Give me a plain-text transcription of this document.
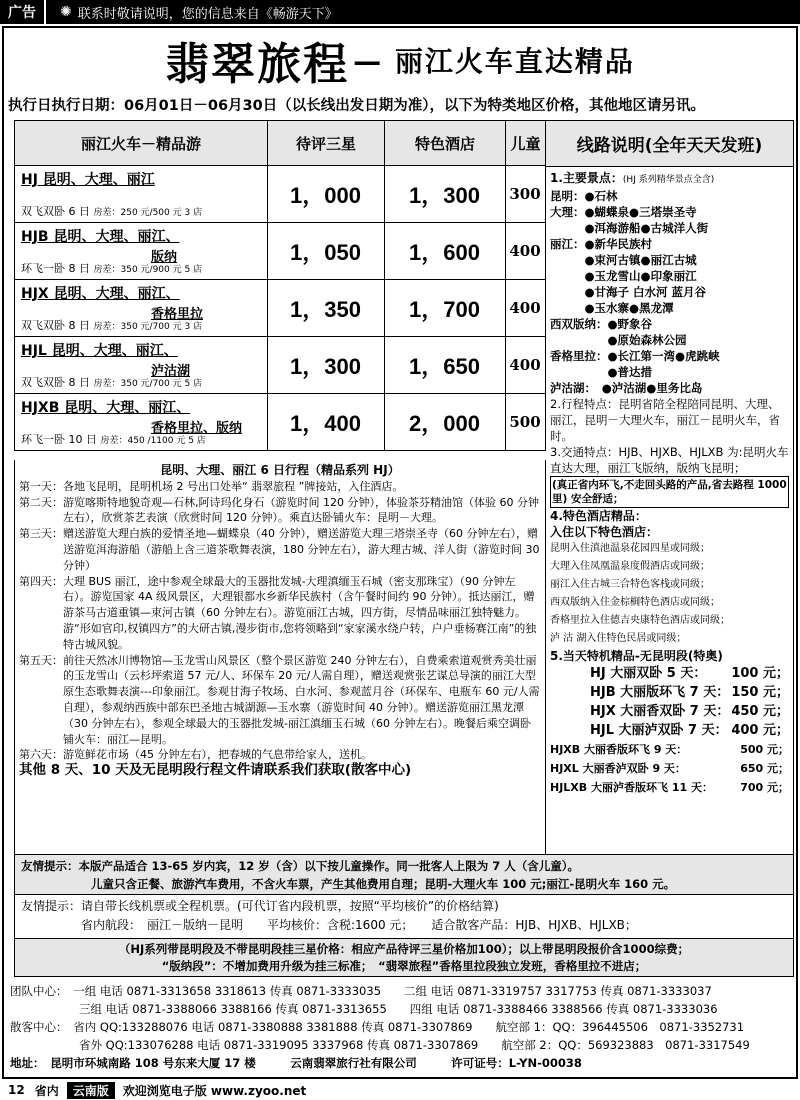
广告	✺ 联系时敬请说明，您的信息来自《畅游天下》
翡翠旅程 — 丽江火车直达精品
执行日执行日期：06月01日－06月30日（以长线出发日期为准），以下为特类地区价格，其他地区请另讯。
丽江火车－精品游	待评三星	特色酒店	儿童
HJ 昆明、大理、丽江
双飞双卧 6 日 房差：250 元/500 元 3 店
1，000	1，300	300
HJB 昆明、大理、丽江、
版纳
环飞一卧 8 日 房差：350 元/900 元 5 店
1，050	1，600	400
HJX 昆明、大理、丽江、
香格里拉
双飞双卧 8 日 房差：350 元/700 元 3 店
1，350	1，700	400
HJL 昆明、大理、丽江、
泸沽湖
双飞双卧 8 日 房差：350 元/700 元 5 店
1，300	1，650	400
HJXB 昆明、大理、丽江、
香格里拉、版纳
环飞一卧 10 日 房差：450 /1100 元 5 店
1，400	2，000	500
昆明、大理、丽江 6 日行程（精品系列 HJ）
第一天： 各地飞昆明，昆明机场 2 号出口处举“ 翡翠旅程 ”牌接站，入住酒店。
第二天： 游览喀斯特地貌奇观—石林,阿诗玛化身石（游览时间 120 分钟），体验茶芬精油馆（体验 60 分钟左右），欣赏茶艺表演（欣赏时间 120 分钟）。乘直达卧铺火车：昆明－大理。
第三天： 赠送游览大理白族的爱情圣地—蝴蝶泉（40 分钟），赠送游览大理三塔崇圣寺（60 分钟左右），赠送游览洱海游船（游船上含三道茶歌舞表演，180 分钟左右），游大理古城、洋人街（游览时间 30 分钟）
第四天： 大理 BUS 丽江，途中参观全球最大的玉器批发城-大理滇缅玉石城（密支那珠宝）（90 分钟左右）。游览国家 4A 级风景区，大理银都水乡新华民族村（含午餐时间约 90 分钟）。抵达丽江，赠游茶马古道重镇—束河古镇（60 分钟左右）。游览丽江古城，四方街，尽情品味丽江独特魅力。游“形如官印,权镇四方”的大研古镇,漫步街市,您将领略到“家家溪水绕户转，户户垂杨赛江南”的独特古城风貌。
第五天： 前往天然冰川博物馆—玉龙雪山风景区（整个景区游览 240 分钟左右），自费乘索道观赏秀美壮丽的玉龙雪山（云杉坪索道 57 元/人、环保车 20 元/人需自理），赠送观赏张艺谋总导演的丽江大型原生态歌舞表演---印象丽江。参观甘海子牧场、白水河、参观蓝月谷（环保车、电瓶车 60 元/人需自理），参观纳西族中部东巴圣地古城湖源—玉水寨（游览时间 40 分钟）。赠送游览丽江黑龙潭（30 分钟左右），参观全球最大的玉器批发城-丽江滇缅玉石城（60 分钟左右）。晚餐后乘空调卧铺火车：丽江—昆明。
第六天： 游览鲜花市场（45 分钟左右），把春城的气息带给家人，送机。
其他 8 天、10 天及无昆明段行程文件请联系我们获取(散客中心)
线路说明(全年天天发班)
1.主要景点：(HJ 系列精华景点全含)
昆明：●石林
大理：●蝴蝶泉●三塔崇圣寺
　　　●洱海游船●古城洋人街
丽江：●新华民族村
　　　●束河古镇●丽江古城
　　　●玉龙雪山●印象丽江
　　　●甘海子 白水河 蓝月谷
　　　●玉水寨●黑龙潭
西双版纳：●野象谷
　　　　　●原始森林公园
香格里拉：●长江第一湾●虎跳峡
　　　　　●普达措
泸沽湖：　●泸沽湖●里务比岛
2.行程特点：昆明省陪全程陪同昆明、大理、丽江，昆明－大理火车，丽江－昆明火车，省时。
3.交通特点：HJB、HJXB、HJLXB 为:昆明火车直达大理，丽江飞版纳，版纳飞昆明；
(真正省内环飞,不走回头路的产品,省去路程 1000 里) 安全舒适；
4.特色酒店精品：
入住以下特色酒店：
昆明入住滇池温泉花园四星或同级；
大理入住凤凰温泉度假酒店或同级；
丽江入住古城三合特色客栈或同级；
西双版纳入住金棕榈特色酒店或同级；
香格里拉入住德吉央康特色酒店或同级；
泸 沽 湖入住特色民居或同级；
5.当天特机精品-无昆明段(特奥)
HJ 大丽双卧 5 天： 100 元；
HJB 大丽版环飞 7 天： 150 元；
HJX 大丽香双卧 7 天： 450 元；
HJL 大丽泸双卧 7 天： 400 元；
HJXB 大丽香版环飞 9 天：	500 元；
HJXL 大丽香泸双卧 9 天：	650 元；
HJLXB 大丽泸香版环飞 11 天： 700 元；
友情提示：本版产品适合 13-65 岁内宾，12 岁（含）以下按儿童操作。同一批客人上限为 7 人（含儿童）。
儿童只含正餐、旅游汽车费用，不含火车票，产生其他费用自理；昆明-大理火车 100 元;丽江-昆明火车 160 元。
友情提示：请自带长线机票或全程机票。(可代订省内段机票，按照“平均核价”的价格结算)
省内航段：　丽江－版纳－昆明　　平均核价：含税:1600 元；　　适合散客产品：HJB、HJXB、HJLXB；
（HJ系列带昆明段及不带昆明段挂三星价格：相应产品待评三星价格加100）；以上带昆明段报价含1000综费；
“版纳段”：不增加费用升级为挂三标准；　“翡翠旅程”香格里拉段独立发班，香格里拉不进店；
团队中心：　一组 电话 0871-3313658 3318613 传真 0871-3333035　　二组 电话 0871-3319757 3317753 传真 0871-3333037
　　　　　　三组 电话 0871-3388066 3388166 传真 0871-3313655　　四组 电话 0871-3388466 3388566 传真 0871-3333036
散客中心：　省内 QQ:133288076 电话 0871-3380888 3381888 传真 0871-3307869　　航空部 1：QQ：396445506　0871-3352731
　　　　　　省外 QQ:133076288 电话 0871-3319095 3337968 传真 0871-3307869　　航空部 2：QQ：569323883　0871-3317549
地址：　昆明市环城南路 108 号东来大厦 17 楼　　　云南翡翠旅行社有限公司　　　许可证号：L-YN-00038
12 省内	云南版	欢迎浏览电子版 www.zyoo.net
